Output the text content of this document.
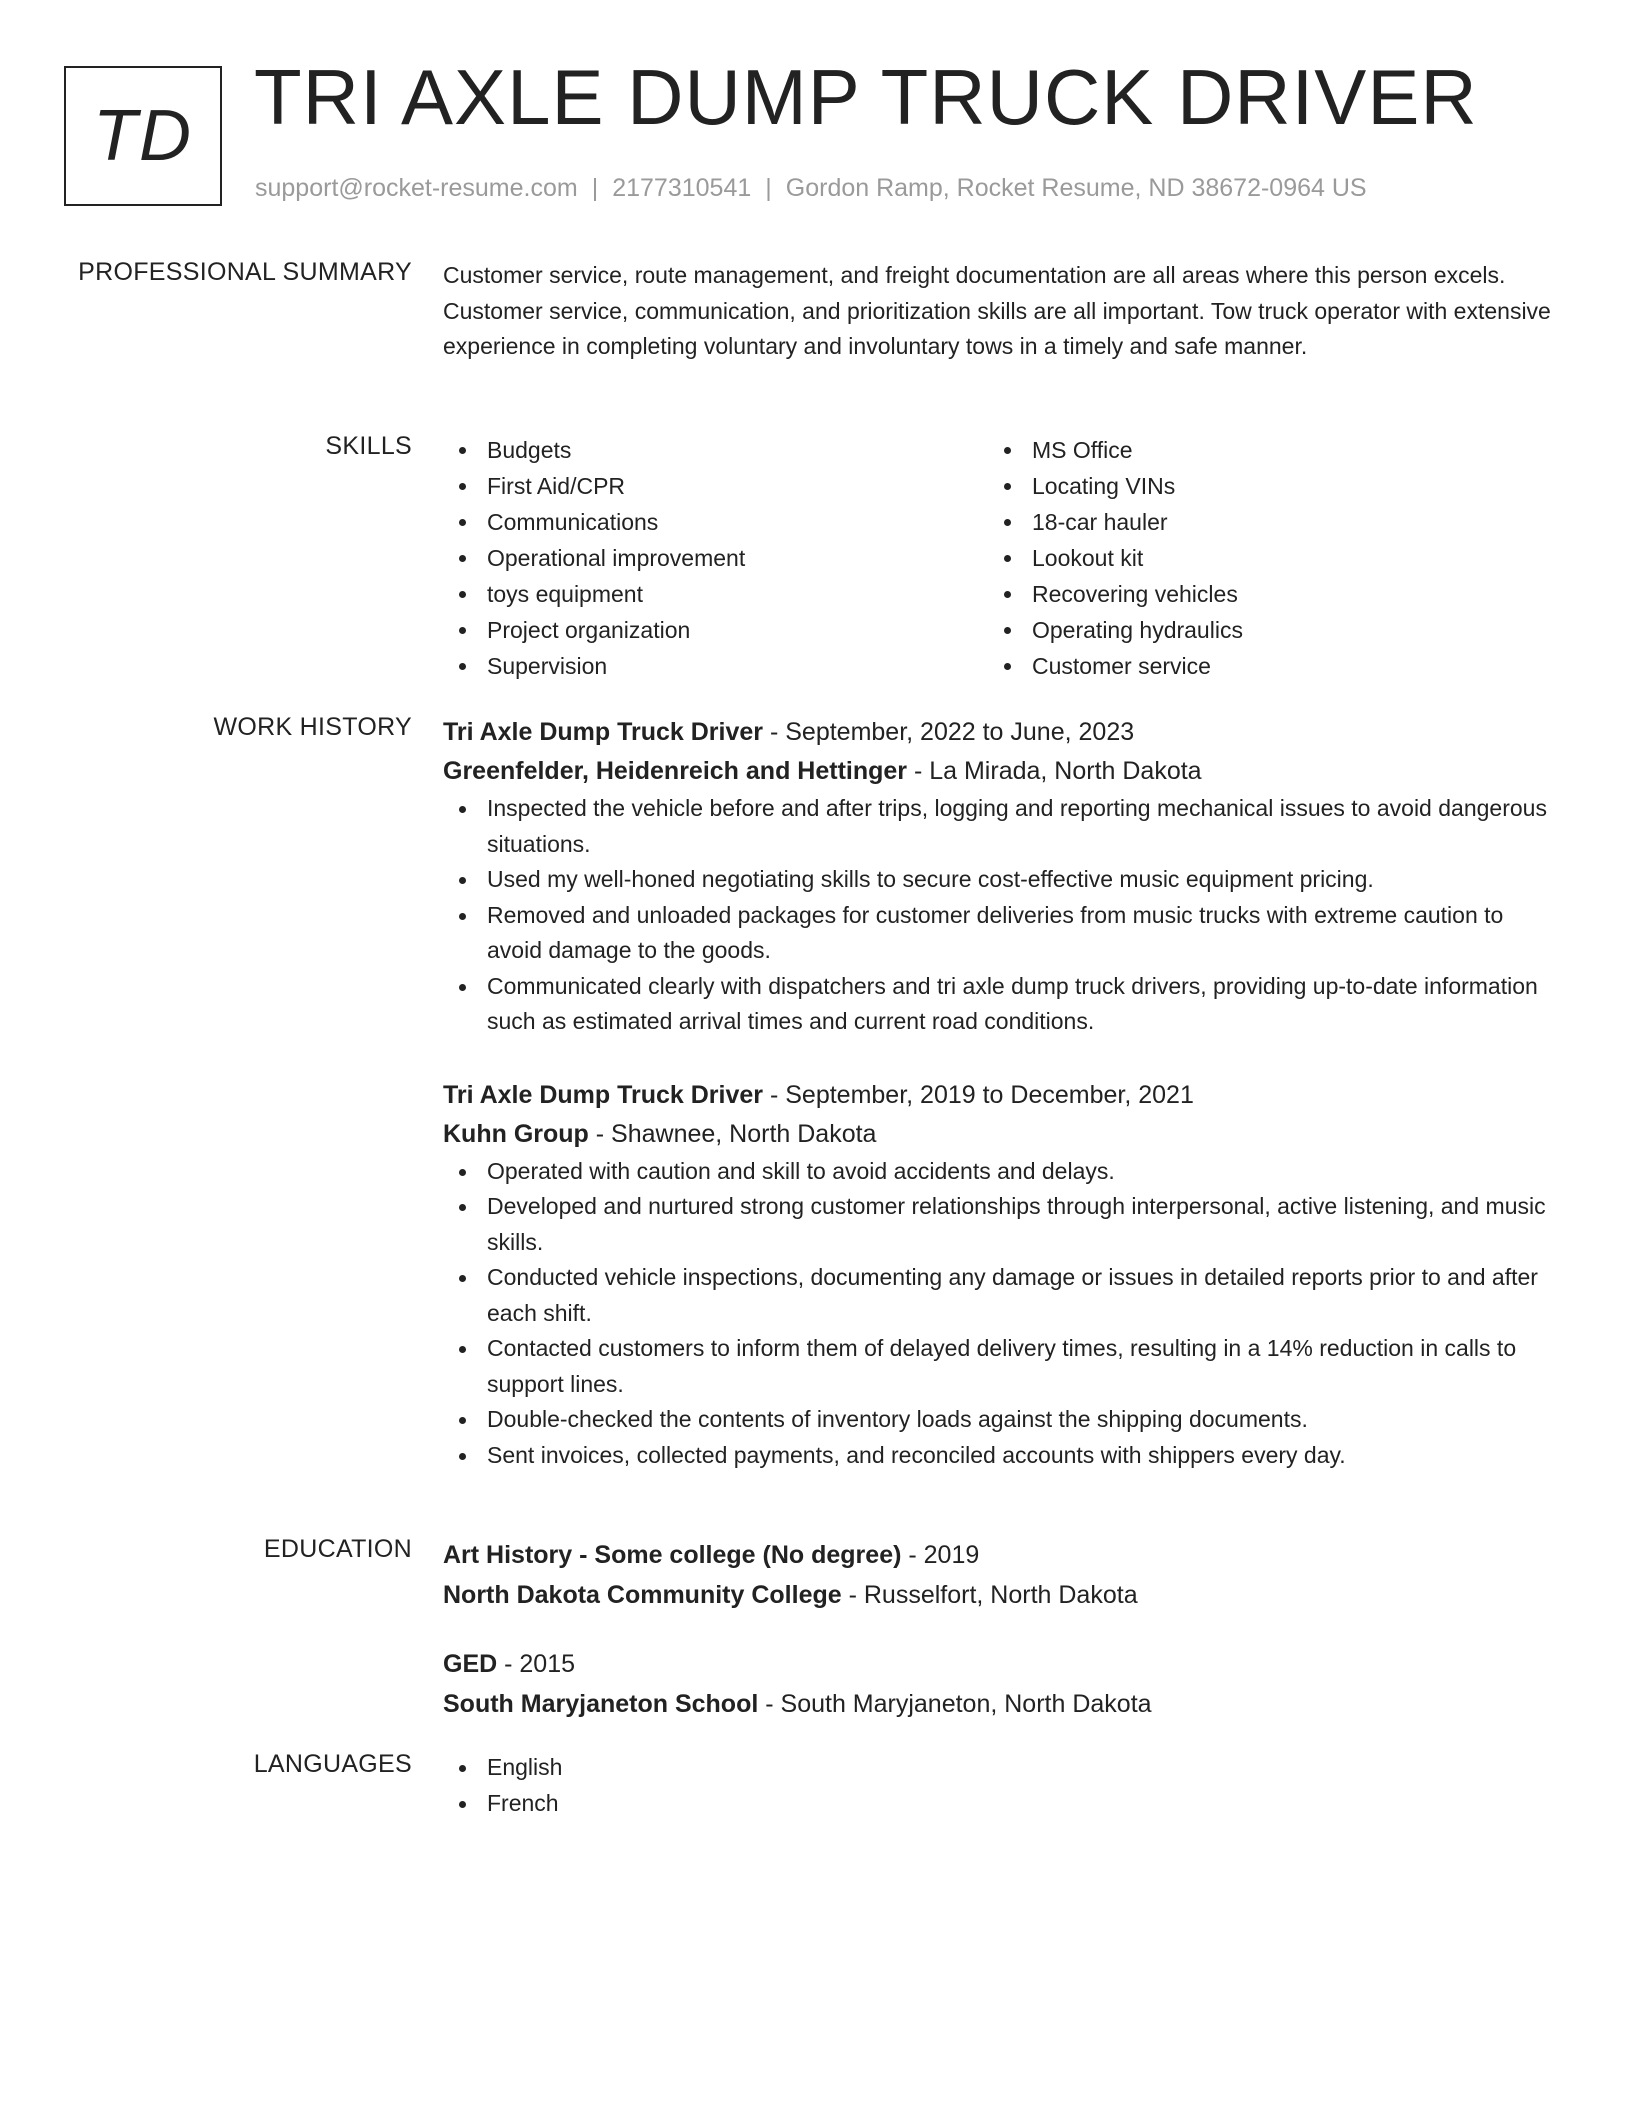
TD TRI AXLE DUMP TRUCK DRIVER
support@rocket-resume.com | 2177310541 | Gordon Ramp, Rocket Resume, ND 38672-0964 US
PROFESSIONAL SUMMARY Customer service, route management, and freight documentation are all areas where this person excels. Customer service, communication, and prioritization skills are all important. Tow truck operator with extensive experience in completing voluntary and involuntary tows in a timely and safe manner.

SKILLS	Budgets
First Aid/CPR
Communications
Operational improvement
toys equipment
Project organization
Supervision
MS Office
Locating VINs
18-car hauler
Lookout kit
Recovering vehicles
Operating hydraulics
Customer service
WORK HISTORY Tri Axle Dump Truck Driver - September, 2022 to June, 2023
Greenfelder, Heidenreich and Hettinger - La Mirada, North Dakota
Inspected the vehicle before and after trips, logging and reporting mechanical issues to avoid dangerous situations.
Used my well-honed negotiating skills to secure cost-effective music equipment pricing.
Removed and unloaded packages for customer deliveries from music trucks with extreme caution to avoid damage to the goods.
Communicated clearly with dispatchers and tri axle dump truck drivers, providing up-to-date information such as estimated arrival times and current road conditions.
Tri Axle Dump Truck Driver - September, 2019 to December, 2021
Kuhn Group - Shawnee, North Dakota
Operated with caution and skill to avoid accidents and delays.
Developed and nurtured strong customer relationships through interpersonal, active listening, and music skills.
Conducted vehicle inspections, documenting any damage or issues in detailed reports prior to and after each shift.
Contacted customers to inform them of delayed delivery times, resulting in a 14% reduction in calls to support lines.
Double-checked the contents of inventory loads against the shipping documents.
Sent invoices, collected payments, and reconciled accounts with shippers every day.
EDUCATION Art History - Some college (No degree) - 2019
North Dakota Community College - Russelfort, North Dakota
GED - 2015
South Maryjaneton School - South Maryjaneton, North Dakota
LANGUAGES	English
French
